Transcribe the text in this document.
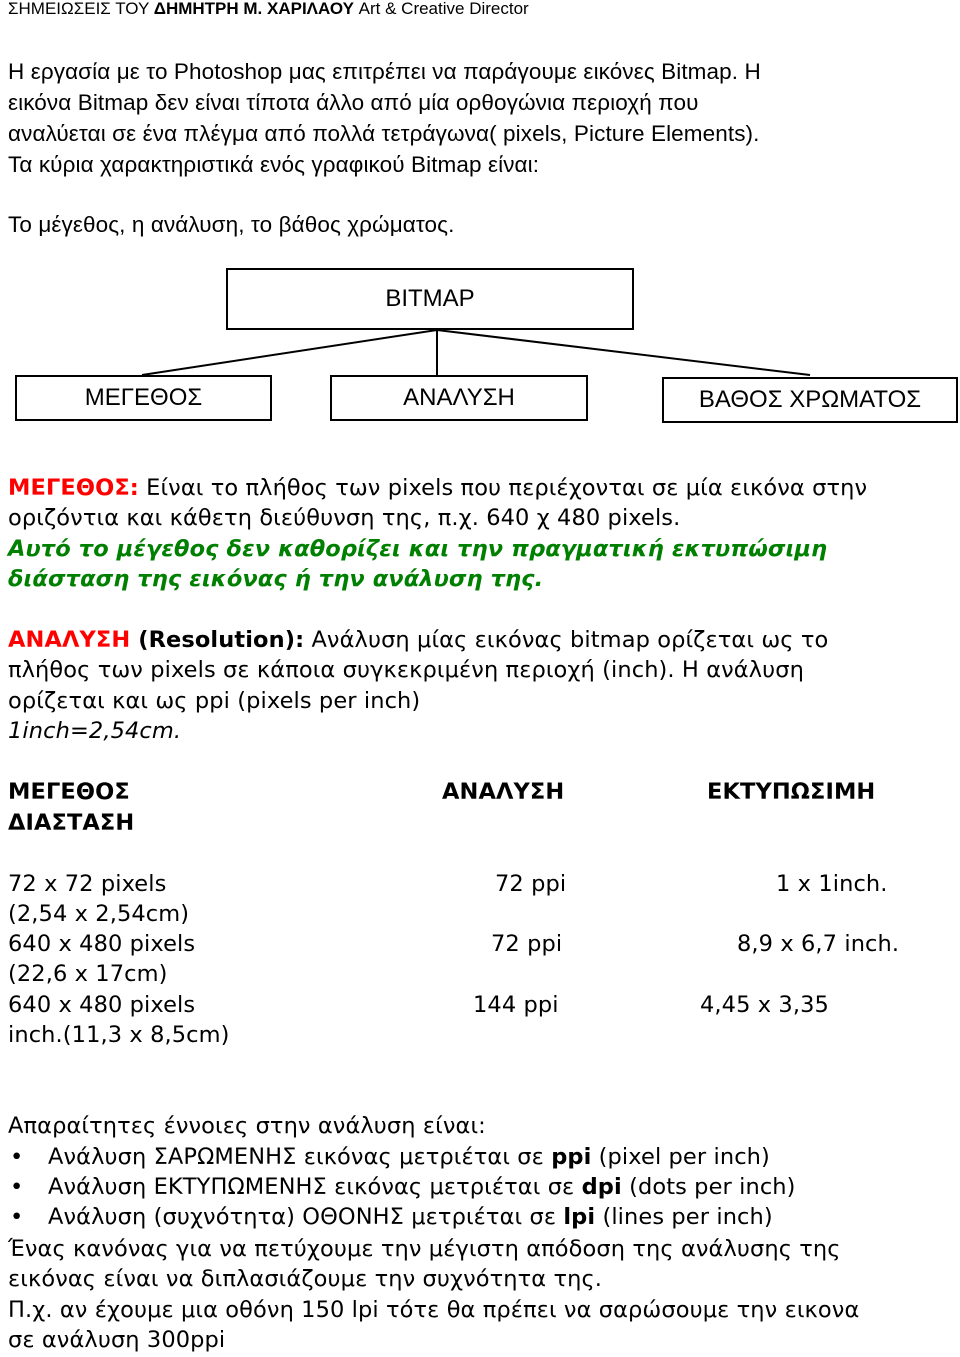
ΣΗΜΕΙΩΣΕΙΣ ΤΟΥ ΔΗΜΗΤΡΗ Μ. ΧΑΡΙΛΑΟΥ Art & Creative Director
Η εργασία με το Photoshop μας επιτρέπει να παράγουμε εικόνες Bitmap. Η
εικόνα Bitmap δεν είναι τίποτα άλλο από μία ορθογώνια περιοχή που
αναλύεται σε ένα πλέγμα από πολλά τετράγωνα( pixels, Picture Elements).
Τα κύρια χαρακτηριστικά ενός γραφικού Bitmap είναι:
Το μέγεθος, η ανάλυση, το βάθος χρώματος.
BITMAP
ΜΕΓΕΘΟΣ	ΑΝΑΛΥΣΗ	ΒΑΘΟΣ ΧΡΩΜΑΤΟΣ
ΜΕΓΕΘΟΣ: Είναι το πλήθος των pixels που περιέχονται σε μία εικόνα στην
οριζόντια και κάθετη διεύθυνση της, π.χ. 640 χ 480 pixels.
Αυτό το μέγεθος δεν καθορίζει και την πραγματική εκτυπώσιμη
διάσταση της εικόνας ή την ανάλυση της.
ΑΝΑΛΥΣΗ (Resolution): Ανάλυση μίας εικόνας bitmap ορίζεται ως το
πλήθος των pixels σε κάποια συγκεκριμένη περιοχή (inch). Η ανάλυση
ορίζεται και ως ppi (pixels per inch)
1inch=2,54cm.
ΜΕΓΕΘΟΣ	ΑΝΑΛΥΣΗ	ΕΚΤΥΠΩΣΙΜΗ
ΔΙΑΣΤΑΣΗ
72 x 72 pixels	72 ppi	1 x 1inch.
(2,54 x 2,54cm)
640 x 480 pixels	72 ppi	8,9 x 6,7 inch.
(22,6 x 17cm)
640 x 480 pixels	144 ppi	4,45 x 3,35
inch.(11,3 x 8,5cm)
Απαραίτητες έννοιες στην ανάλυση είναι:
• Ανάλυση ΣΑΡΩΜΕΝΗΣ εικόνας μετριέται σε ppi (pixel per inch)
• Ανάλυση ΕΚΤΥΠΩΜΕΝΗΣ εικόνας μετριέται σε dpi (dots per inch)
• Ανάλυση (συχνότητα) ΟΘΟΝΗΣ μετριέται σε lpi (lines per inch)
Ένας κανόνας για να πετύχουμε την μέγιστη απόδοση της ανάλυσης της
εικόνας είναι να διπλασιάζουμε την συχνότητα της.
Π.χ. αν έχουμε μια οθόνη 150 lpi τότε θα πρέπει να σαρώσουμε την εικονα
σε ανάλυση 300ppi
